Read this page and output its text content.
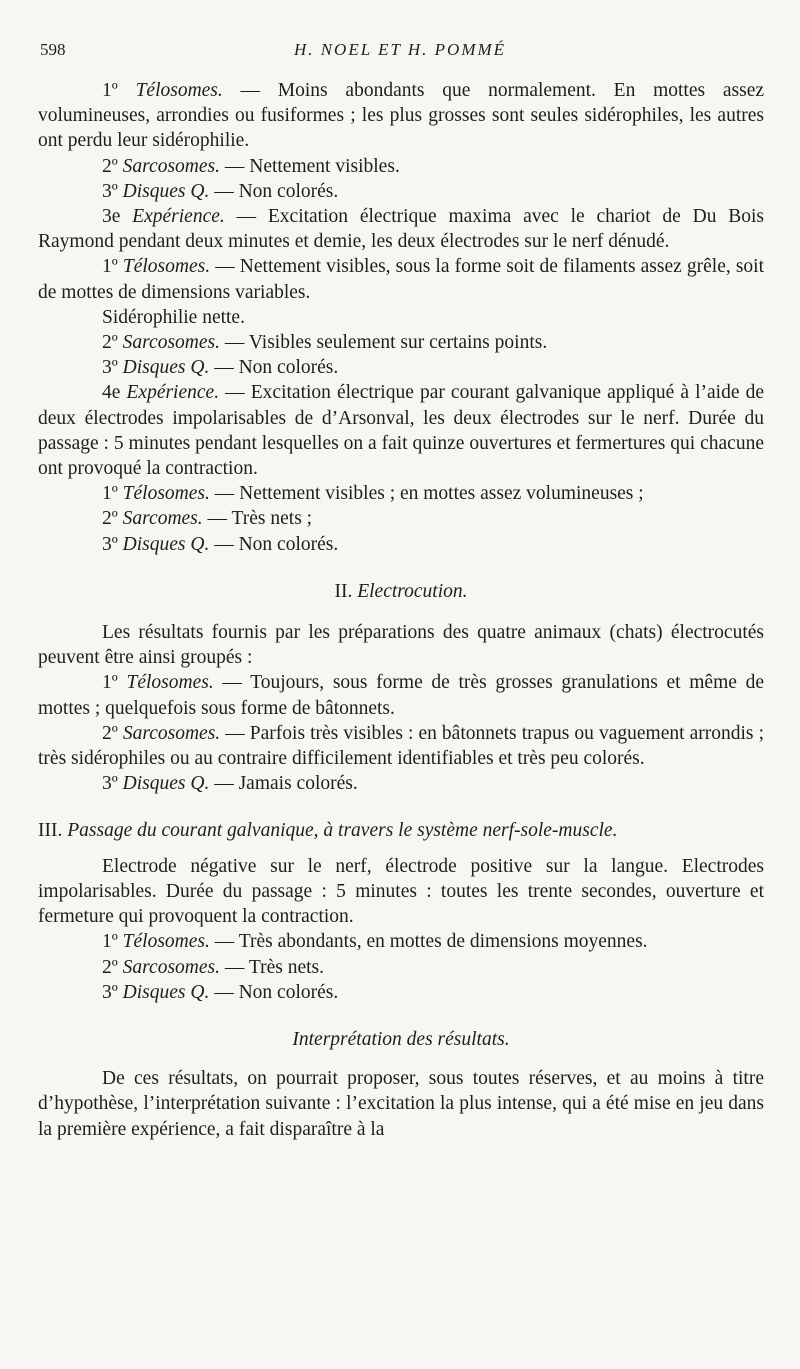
598	H. NOEL ET H. POMMÉ

1º Télosomes. — Moins abondants que normalement. En mottes assez volumineuses, arrondies ou fusiformes ; les plus grosses sont seules sidérophiles, les autres ont perdu leur sidérophilie.

2º Sarcosomes. — Nettement visibles.

3º Disques Q. — Non colorés.

3e Expérience. — Excitation électrique maxima avec le chariot de Du Bois Raymond pendant deux minutes et demie, les deux électrodes sur le nerf dénudé.

1º Télosomes. — Nettement visibles, sous la forme soit de filaments assez grêle, soit de mottes de dimensions variables.

Sidérophilie nette.

2º Sarcosomes. — Visibles seulement sur certains points.

3º Disques Q. — Non colorés.

4e Expérience. — Excitation électrique par courant galvanique appliqué à l’aide de deux électrodes impolarisables de d’Arsonval, les deux électrodes sur le nerf. Durée du passage : 5 minutes pendant lesquelles on a fait quinze ouvertures et fermertures qui chacune ont provoqué la contraction.

1º Télosomes. — Nettement visibles ; en mottes assez volumineuses ;

2º Sarcomes. — Très nets ;

3º Disques Q. — Non colorés.

II. Electrocution.

Les résultats fournis par les préparations des quatre animaux (chats) électrocutés peuvent être ainsi groupés :

1º Télosomes. — Toujours, sous forme de très grosses granulations et même de mottes ; quelquefois sous forme de bâtonnets.

2º Sarcosomes. — Parfois très visibles : en bâtonnets trapus ou vaguement arrondis ; très sidérophiles ou au contraire difficilement identifiables et très peu colorés.

3º Disques Q. — Jamais colorés.

III. Passage du courant galvanique, à travers le système nerf-sole-muscle.

Electrode négative sur le nerf, électrode positive sur la langue. Electrodes impolarisables. Durée du passage : 5 minutes : toutes les trente secondes, ouverture et fermeture qui provoquent la contraction.

1º Télosomes. — Très abondants, en mottes de dimensions moyennes.

2º Sarcosomes. — Très nets.

3º Disques Q. — Non colorés.

Interprétation des résultats.

De ces résultats, on pourrait proposer, sous toutes réserves, et au moins à titre d’hypothèse, l’interprétation suivante : l’excitation la plus intense, qui a été mise en jeu dans la première expérience, a fait disparaître à la
